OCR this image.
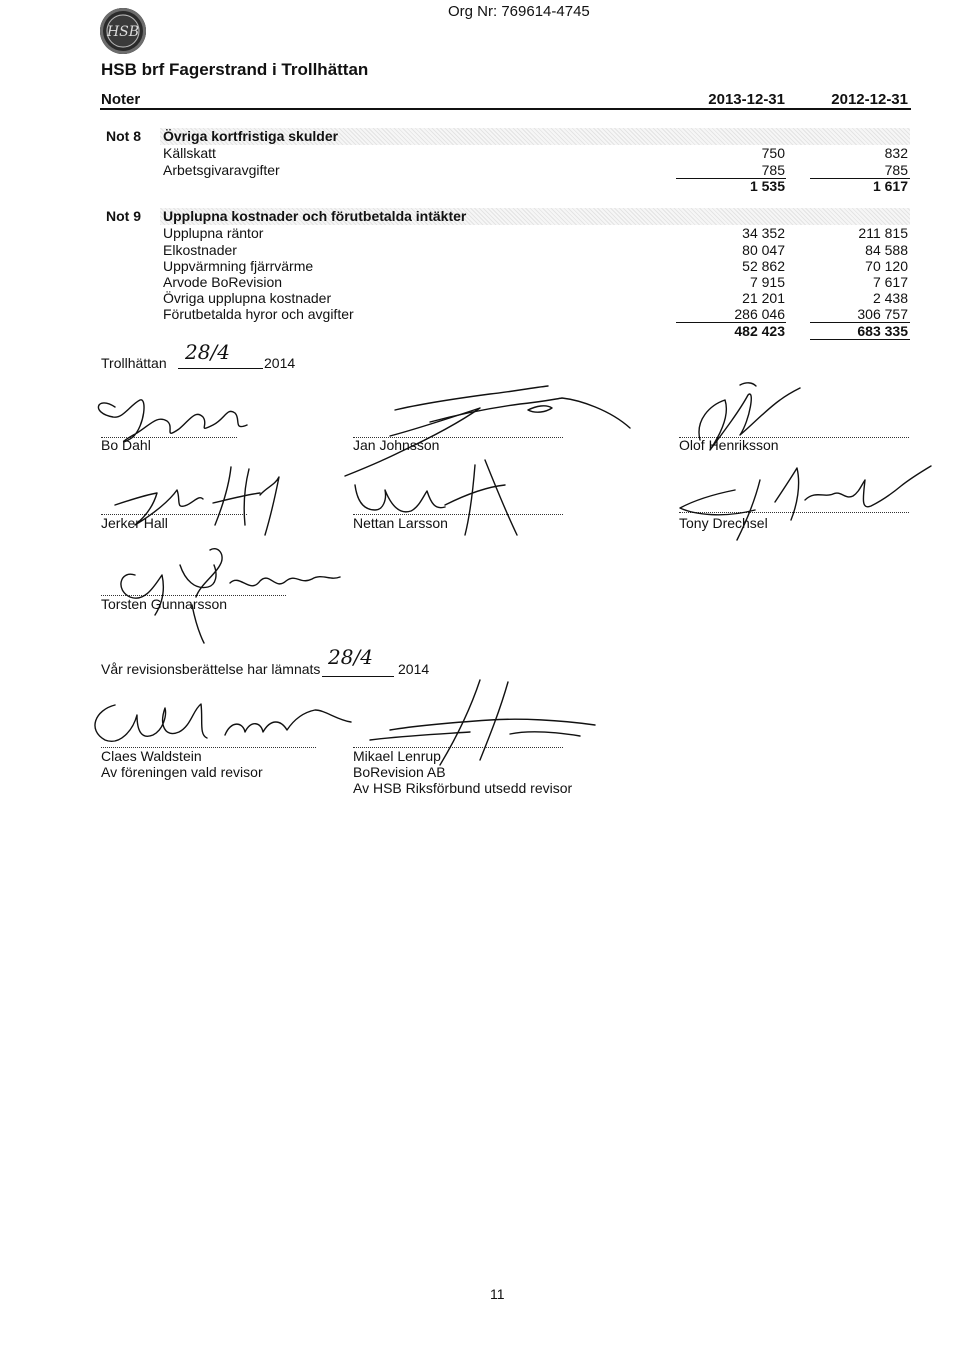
HSB
Org Nr: 769614-4745
HSB brf Fagerstrand i Trollhättan
Noter	2013-12-31	2012-12-31
Not 8 Övriga kortfristiga skulder
Källskatt	750	832
Arbetsgivaravgifter	785	785
1 535	1 617
Not 9 Upplupna kostnader och förutbetalda intäkter
Upplupna räntor	34 352	211 815
Elkostnader	80 047	84 588
Uppvärmning fjärrvärme	52 862	70 120
Arvode BoRevision	7 915	7 617
Övriga upplupna kostnader	21 201	2 438
Förutbetalda hyror och avgifter	286 046	306 757
482 423	683 335
Trollhättan 28/4 2014
Bo Dahl	Jan Johnsson	Olof Henriksson
Jerker Hall	Nettan Larsson	Tony Drechsel
Torsten Gunnarsson
Vår revisionsberättelse har lämnats 28/4 2014
Claes Waldstein
Av föreningen vald revisor
Mikael Lenrup
BoRevision AB
Av HSB Riksförbund utsedd revisor
11
